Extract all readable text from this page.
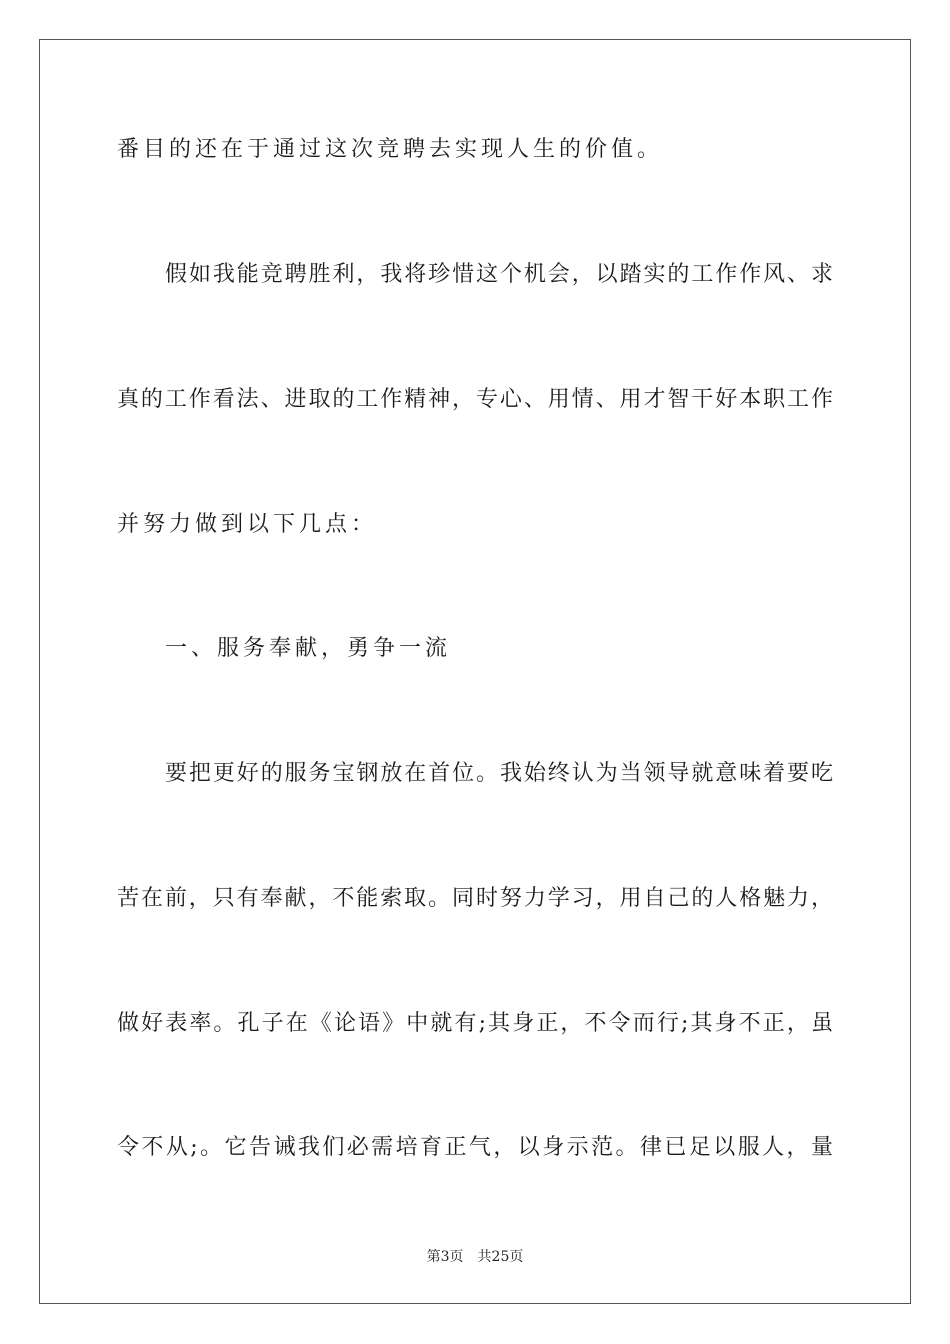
番目的还在于通过这次竞聘去实现人生的价值。
假如我能竞聘胜利，我将珍惜这个机会，以踏实的工作作风、求
真的工作看法、进取的工作精神，专心、用情、用才智干好本职工作
并努力做到以下几点：
一、服务奉献，勇争一流
要把更好的服务宝钢放在首位。我始终认为当领导就意味着要吃
苦在前，只有奉献，不能索取。同时努力学习，用自己的人格魅力，
做好表率。孔子在《论语》中就有;其身正，不令而行;其身不正，虽
令不从;。它告诫我们必需培育正气，以身示范。律已足以服人，量
第3页 共25页
